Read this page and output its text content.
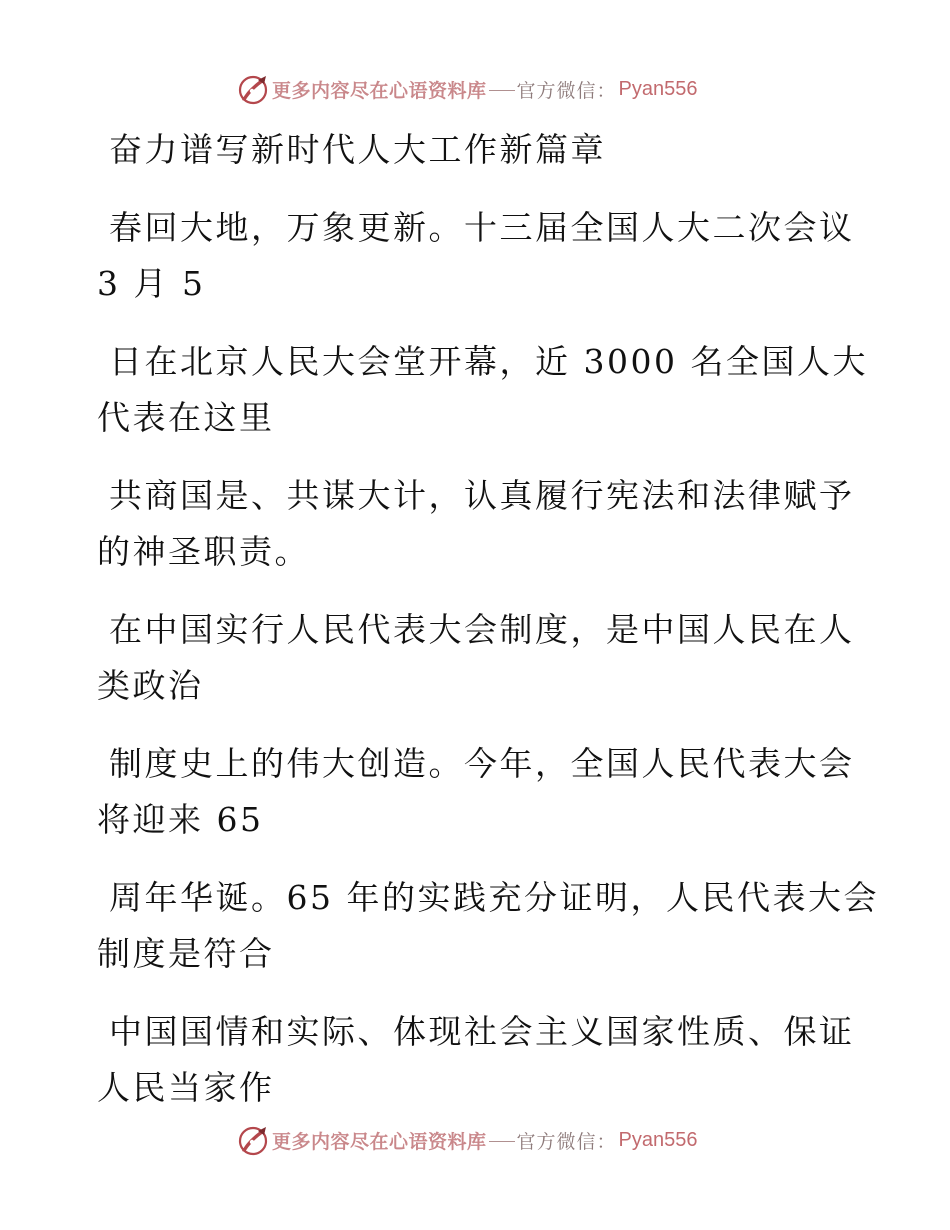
更多内容尽在心语资料库 官方微信： Pyan556
奋力谱写新时代人大工作新篇章
春回大地，万象更新。十三届全国人大二次会议
3 月 5
日在北京人民大会堂开幕，近 3000 名全国人大
代表在这里
共商国是、共谋大计，认真履行宪法和法律赋予
的神圣职责。
在中国实行人民代表大会制度，是中国人民在人
类政治
制度史上的伟大创造。今年，全国人民代表大会
将迎来 65
周年华诞。65 年的实践充分证明，人民代表大会
制度是符合
中国国情和实际、体现社会主义国家性质、保证
人民当家作
更多内容尽在心语资料库 官方微信： Pyan556
